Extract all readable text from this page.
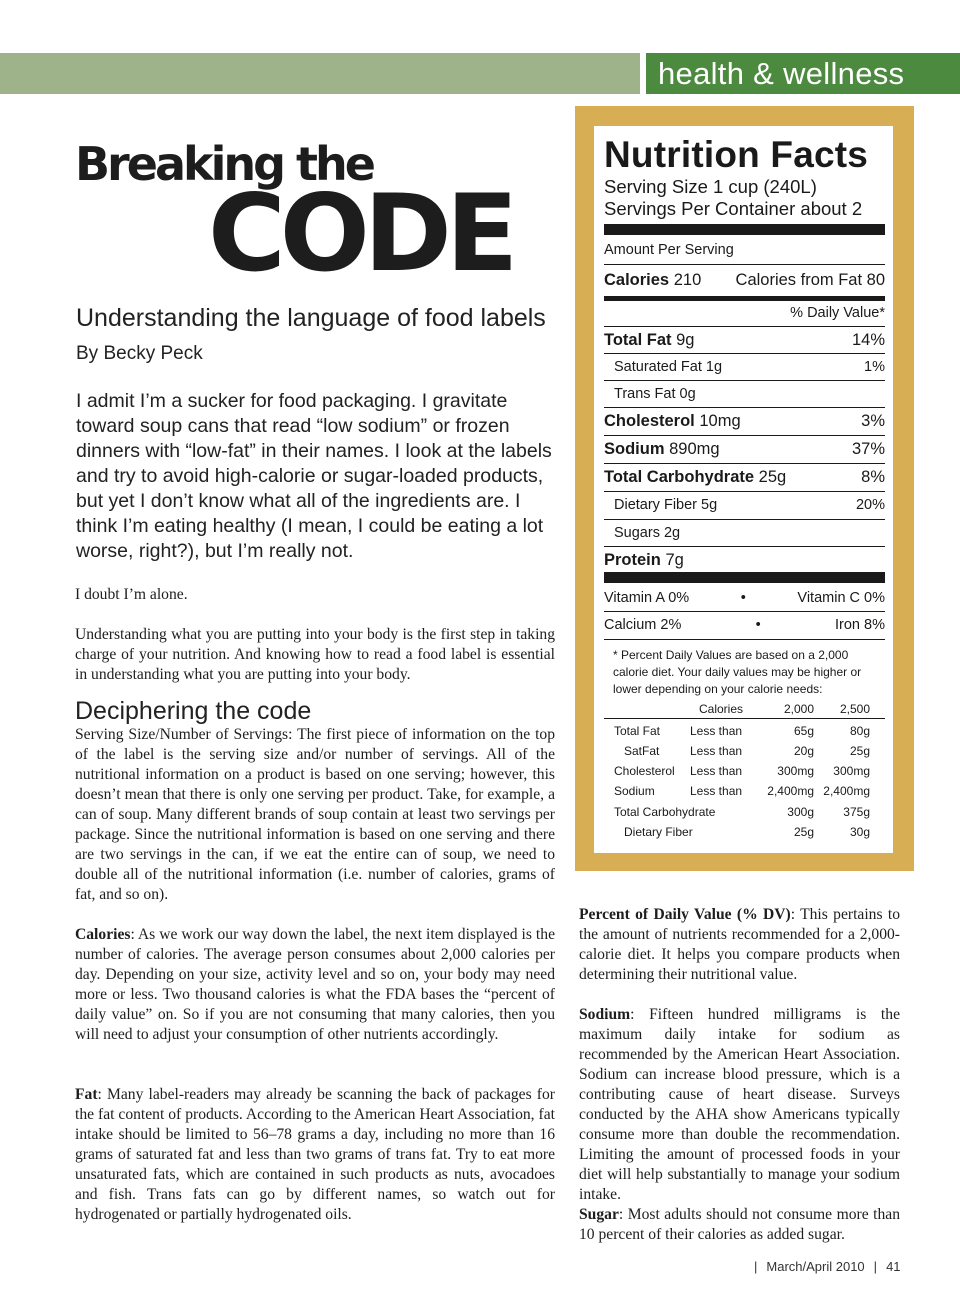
health & wellness
Breaking the
CODE
Understanding the language of food labels
By Becky Peck
I admit I’m a sucker for food packaging. I gravitate toward soup cans that read “low sodium” or frozen dinners with “low-fat” in their names. I look at the labels and try to avoid high-calorie or sugar-loaded products, but yet I don’t know what all of the ingredients are. I think I’m eating healthy (I mean, I could be eating a lot worse, right?), but I’m really not.
I doubt I’m alone.
Understanding what you are putting into your body is the first step in taking charge of your nutrition. And knowing how to read a food label is essential in understanding what you are putting into your body.
Deciphering the code
Serving Size/Number of Servings: The first piece of information on the top of the label is the serving size and/or number of servings. All of the nutritional information on a product is based on one serving; however, this doesn’t mean that there is only one serving per product. Take, for example, a can of soup. Many different brands of soup contain at least two servings per package. Since the nutritional information is based on one serving and there are two servings in the can, if we eat the entire can of soup, we need to double all of the nutritional information (i.e. number of calories, grams of fat, and so on).
Calories: As we work our way down the label, the next item displayed is the number of calories. The average person consumes about 2,000 calories per day. Depending on your size, activity level and so on, your body may need more or less. Two thousand calories is what the FDA bases the “percent of daily value” on. So if you are not consuming that many calories, then you will need to adjust your consumption of other nutrients accordingly.
Fat: Many label-readers may already be scanning the back of packages for the fat content of products. According to the American Heart Association, fat intake should be limited to 56–78 grams a day, including no more than 16 grams of saturated fat and less than two grams of trans fat. Try to eat more unsaturated fats, which are contained in such products as nuts, avocadoes and fish. Trans fats can go by different names, so watch out for hydrogenated or partially hydrogenated oils.
Percent of Daily Value (% DV): This pertains to the amount of nutrients recommended for a 2,000-calorie diet. It helps you compare products when determining their nutritional value.
Sodium: Fifteen hundred milligrams is the maximum daily intake for sodium as recommended by the American Heart Association. Sodium can increase blood pressure, which is a contributing cause of heart disease. Surveys conducted by the AHA show Americans typically consume more than double the recommendation. Limiting the amount of processed foods in your diet will help substantially to manage your sodium intake.
Sugar: Most adults should not consume more than 10 percent of their calories as added sugar.
| March/April 2010 | 41
Nutrition Facts
Serving Size 1 cup (240L)
Servings Per Container about 2
Amount Per Serving
Calories 210 Calories from Fat 80
% Daily Value*
Total Fat 9g	14%
Saturated Fat 1g	1%
Trans Fat 0g
Cholesterol 10mg	3%
Sodium 890mg	37%
Total Carbohydrate 25g	8%
Dietary Fiber 5g	20%
Sugars 2g
Protein 7g
Vitamin A 0%	•	Vitamin C 0%
Calcium 2%	•	Iron 8%
* Percent Daily Values are based on a 2,000 calorie diet. Your daily values may be higher or lower depending on your calorie needs:
Calories	2,000 2,500
Total Fat Less than	65g	80g
SatFat	Less than	20g	25g
Cholesterol Less than	300mg 300mg
Sodium	Less than 2,400mg 2,400mg
Total Carbohydrate	300g 375g
Dietary Fiber	25g	30g
